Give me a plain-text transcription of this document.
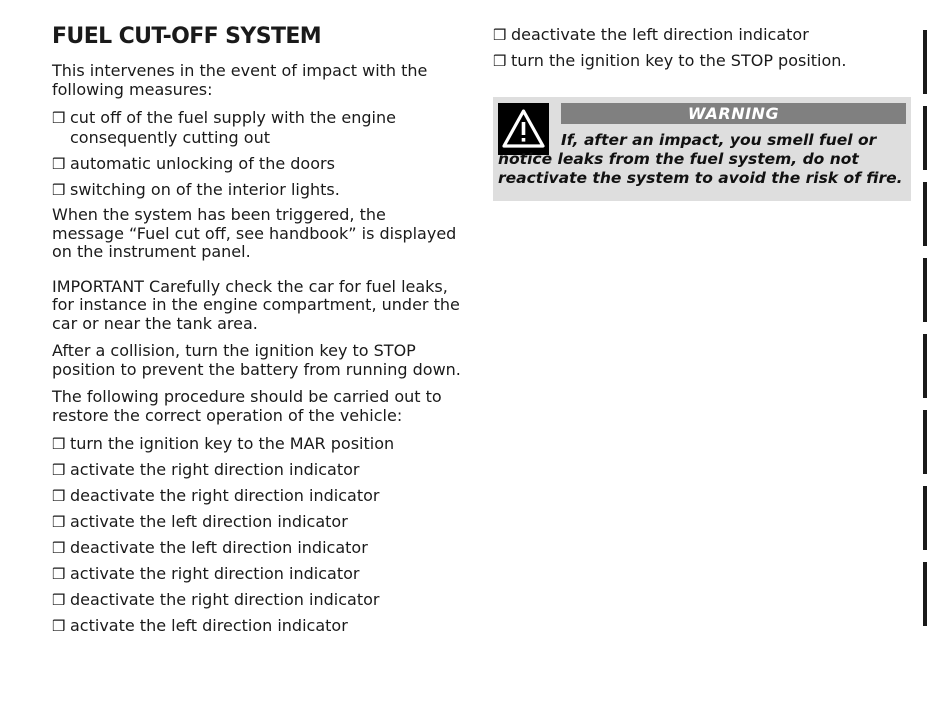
FUEL CUT-OFF SYSTEM

This intervenes in the event of impact with the following measures:

❒ cut off of the fuel supply with the engine consequently cutting out
❒ automatic unlocking of the doors
❒ switching on of the interior lights.

When the system has been triggered, the message “Fuel cut off, see handbook” is displayed on the instrument panel.

IMPORTANT Carefully check the car for fuel leaks, for instance in the engine compartment, under the car or near the tank area.

After a collision, turn the ignition key to STOP position to prevent the battery from running down.

The following procedure should be carried out to restore the correct operation of the vehicle:

❒ turn the ignition key to the MAR position
❒ activate the right direction indicator
❒ deactivate the right direction indicator
❒ activate the left direction indicator
❒ deactivate the left direction indicator
❒ activate the right direction indicator
❒ deactivate the right direction indicator
❒ activate the left direction indicator
❒ deactivate the left direction indicator
❒ turn the ignition key to the STOP position.
WARNING
If, after an impact, you smell fuel or notice leaks from the fuel system, do not reactivate the system to avoid the risk of fire.
